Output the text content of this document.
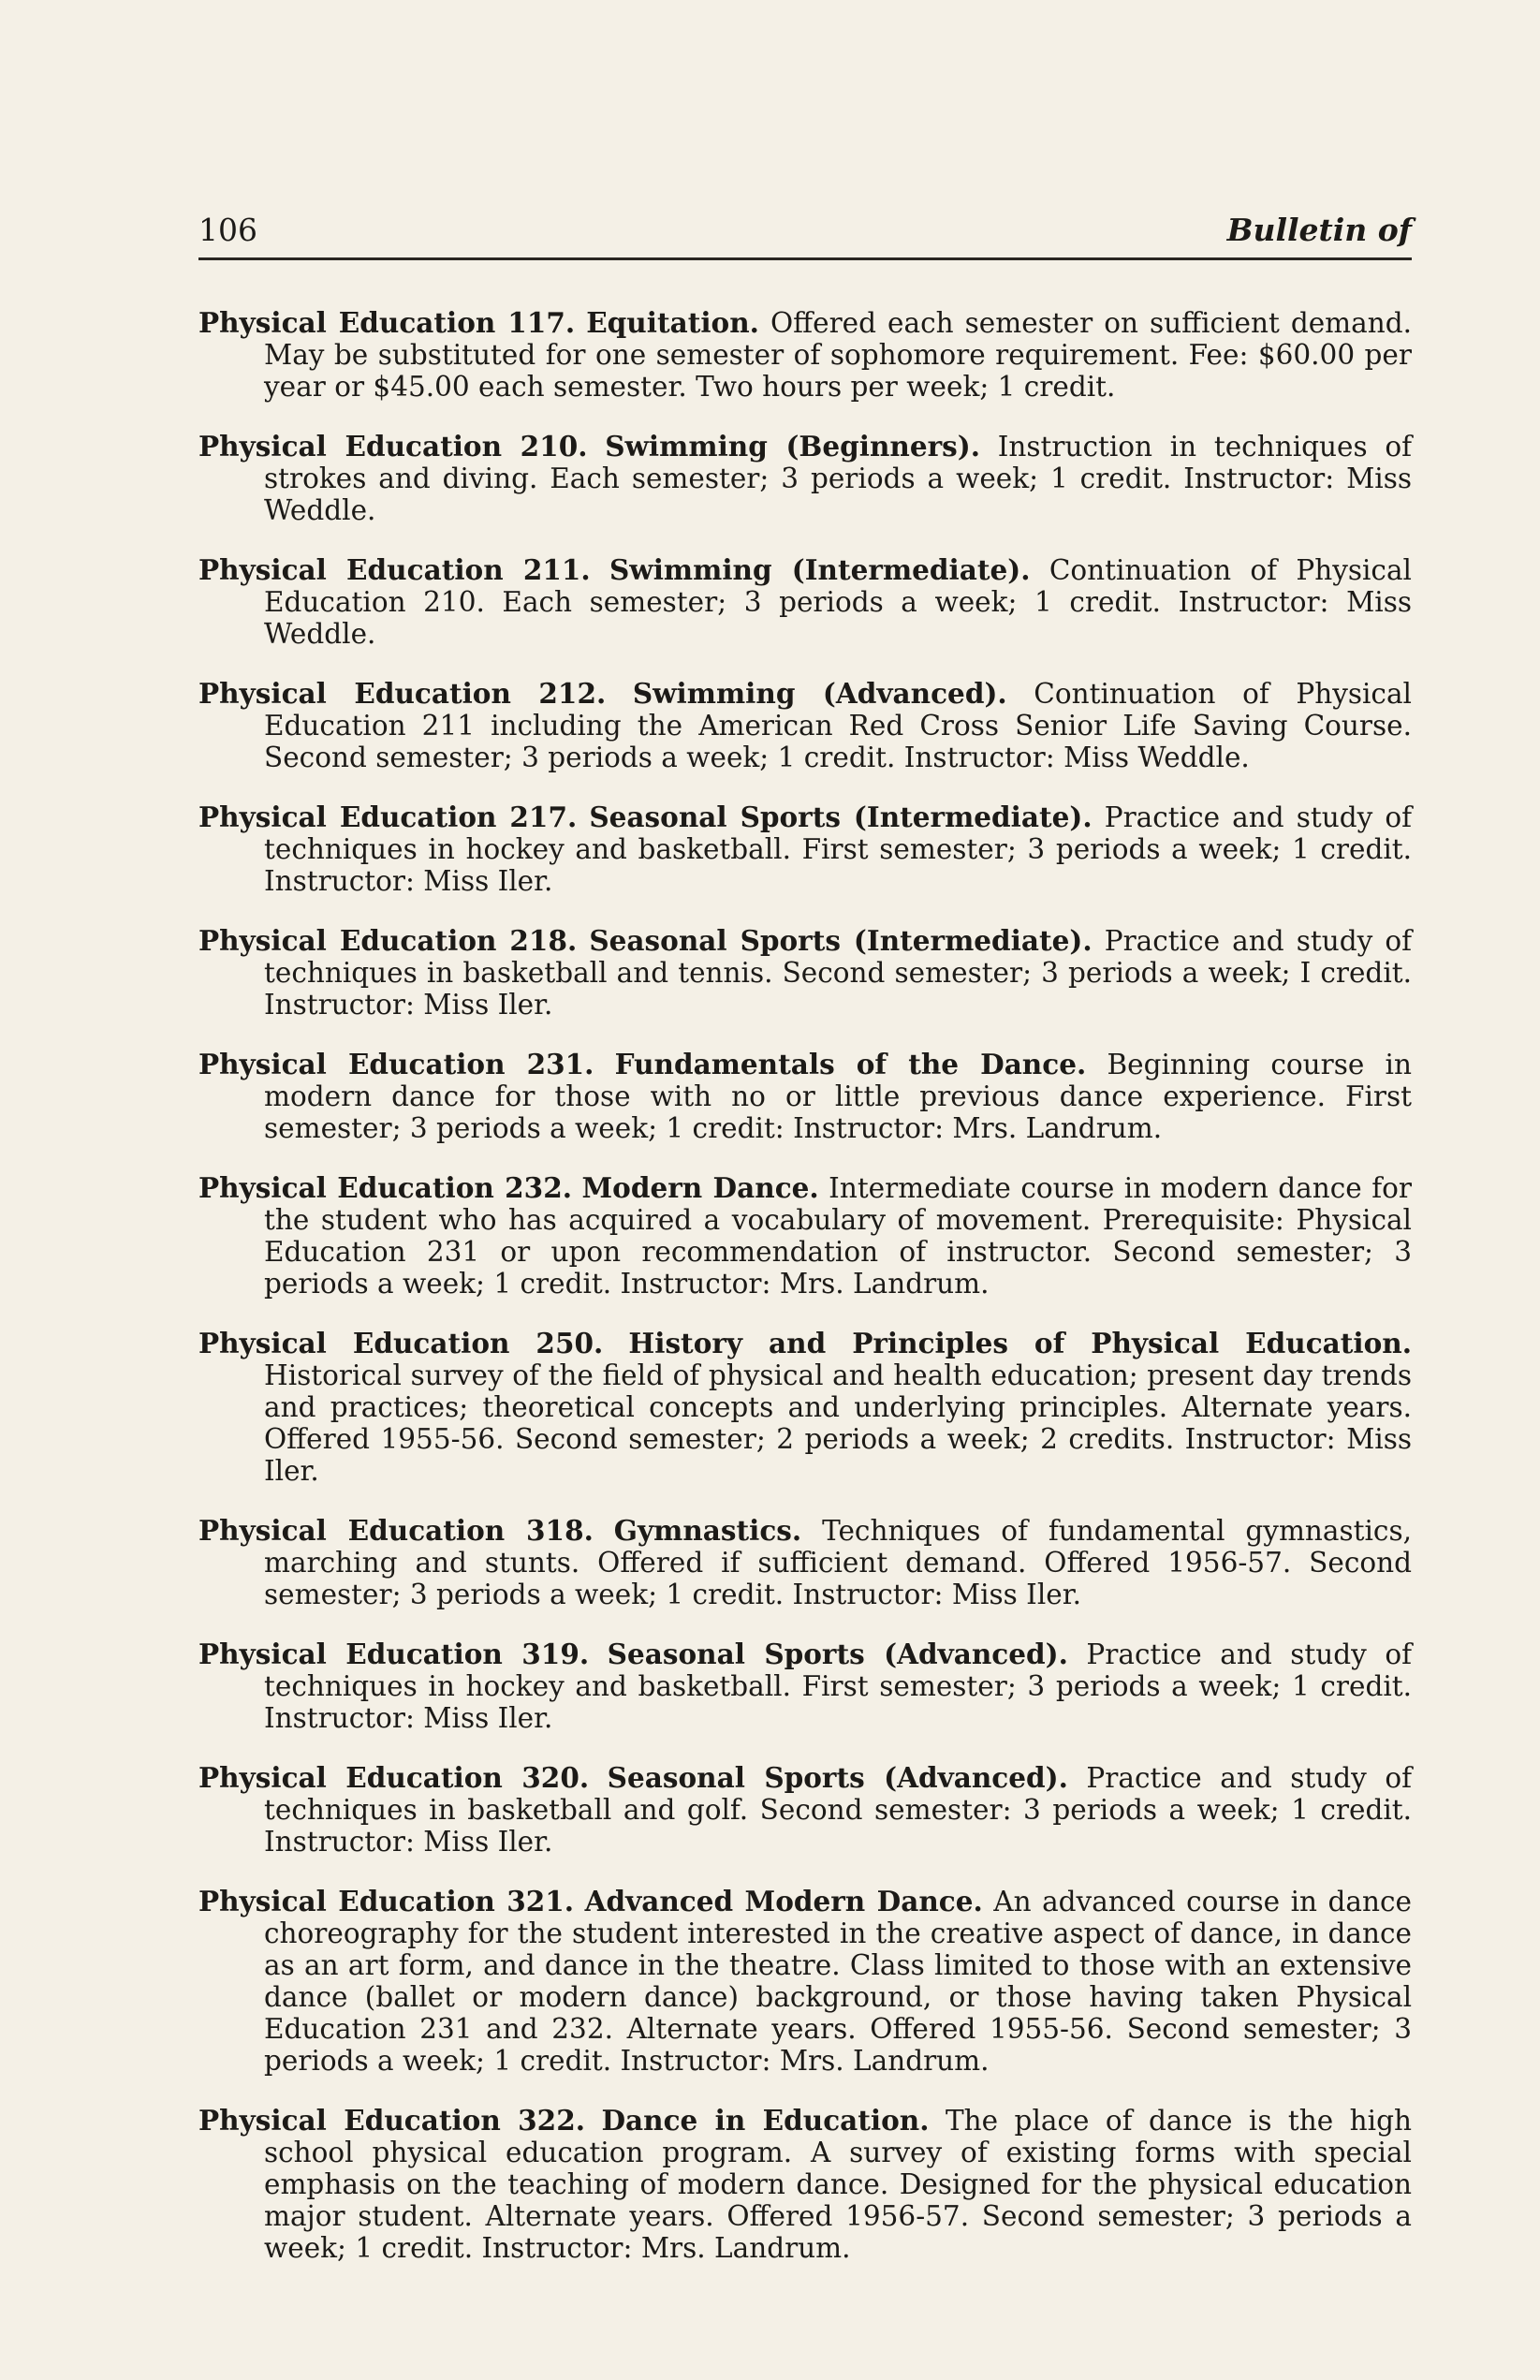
106	Bulletin of

Physical Education 117. Equitation. Offered each semester on sufficient demand. May be substituted for one semester of sophomore requirement. Fee: $60.00 per year or $45.00 each semester. Two hours per week; 1 credit.

Physical Education 210. Swimming (Beginners). Instruction in techniques of strokes and diving. Each semester; 3 periods a week; 1 credit. Instructor: Miss Weddle.

Physical Education 211. Swimming (Intermediate). Continuation of Physical Education 210. Each semester; 3 periods a week; 1 credit. Instructor: Miss Weddle.

Physical Education 212. Swimming (Advanced). Continuation of Physical Education 211 including the American Red Cross Senior Life Saving Course. Second semester; 3 periods a week; 1 credit. Instructor: Miss Weddle.

Physical Education 217. Seasonal Sports (Intermediate). Practice and study of techniques in hockey and basketball. First semester; 3 periods a week; 1 credit. Instructor: Miss Iler.

Physical Education 218. Seasonal Sports (Intermediate). Practice and study of techniques in basketball and tennis. Second semester; 3 periods a week; I credit. Instructor: Miss Iler.

Physical Education 231. Fundamentals of the Dance. Beginning course in modern dance for those with no or little previous dance experience. First semester; 3 periods a week; 1 credit: Instructor: Mrs. Landrum.

Physical Education 232. Modern Dance. Intermediate course in modern dance for the student who has acquired a vocabulary of movement. Prerequisite: Physical Education 231 or upon recommendation of instructor. Second semester; 3 periods a week; 1 credit. Instructor: Mrs. Landrum.

Physical Education 250. History and Principles of Physical Education. Historical survey of the field of physical and health education; present day trends and practices; theoretical concepts and underlying principles. Alternate years. Offered 1955-56. Second semester; 2 periods a week; 2 credits. Instructor: Miss Iler.

Physical Education 318. Gymnastics. Techniques of fundamental gymnastics, marching and stunts. Offered if sufficient demand. Offered 1956-57. Second semester; 3 periods a week; 1 credit. Instructor: Miss Iler.

Physical Education 319. Seasonal Sports (Advanced). Practice and study of techniques in hockey and basketball. First semester; 3 periods a week; 1 credit. Instructor: Miss Iler.

Physical Education 320. Seasonal Sports (Advanced). Practice and study of techniques in basketball and golf. Second semester: 3 periods a week; 1 credit. Instructor: Miss Iler.

Physical Education 321. Advanced Modern Dance. An advanced course in dance choreography for the student interested in the creative aspect of dance, in dance as an art form, and dance in the theatre. Class limited to those with an extensive dance (ballet or modern dance) background, or those having taken Physical Education 231 and 232. Alternate years. Offered 1955-56. Second semester; 3 periods a week; 1 credit. Instructor: Mrs. Landrum.

Physical Education 322. Dance in Education. The place of dance is the high school physical education program. A survey of existing forms with special emphasis on the teaching of modern dance. Designed for the physical education major student. Alternate years. Offered 1956-57. Second semester; 3 periods a week; 1 credit. Instructor: Mrs. Landrum.
